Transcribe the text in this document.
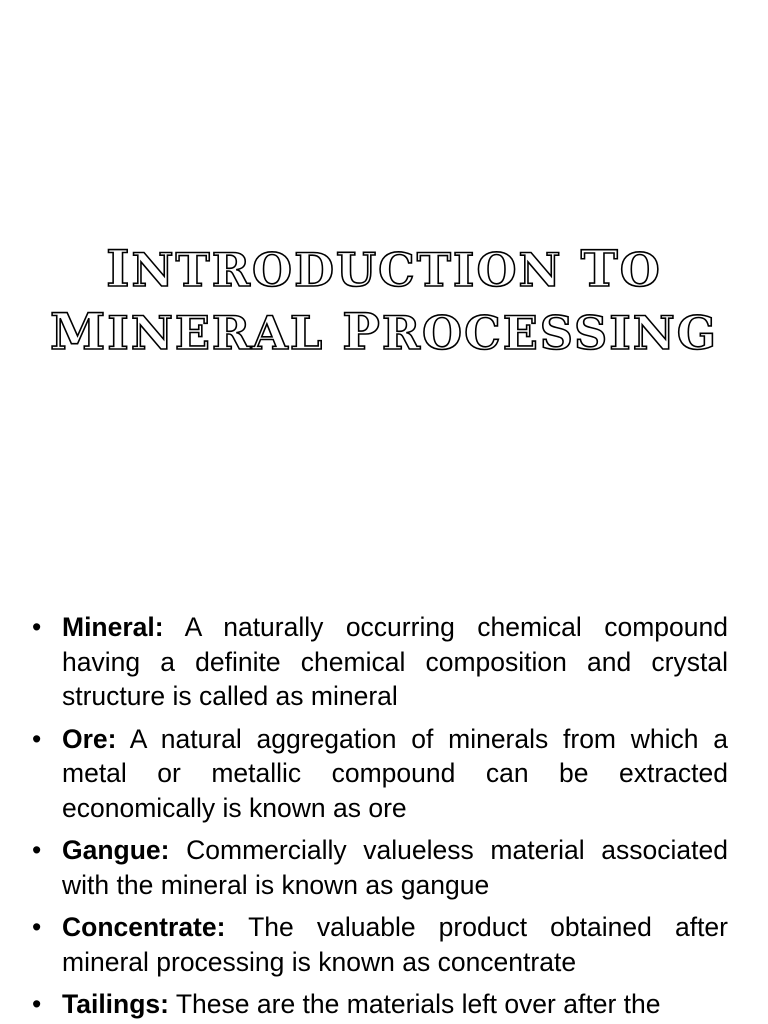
INTRODUCTION TO
MINERAL PROCESSING
• Mineral: A naturally occurring chemical compound having a definite chemical composition and crystal structure is called as mineral
• Ore: A natural aggregation of minerals from which a metal or metallic compound can be extracted economically is known as ore
• Gangue: Commercially valueless material associated with the mineral is known as gangue
• Concentrate: The valuable product obtained after mineral processing is known as concentrate
• Tailings: These are the materials left over after the
